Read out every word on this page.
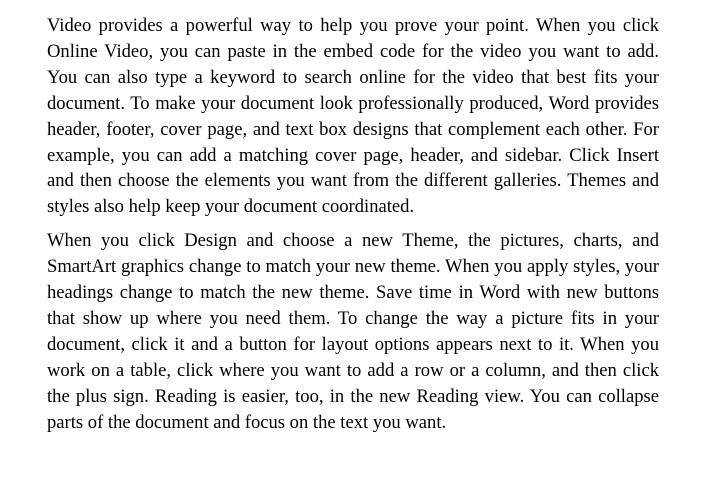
Video provides a powerful way to help you prove your point. When you click Online Video, you can paste in the embed code for the video you want to add. You can also type a keyword to search online for the video that best fits your document. To make your document look professionally produced, Word provides header, footer, cover page, and text box designs that complement each other. For example, you can add a matching cover page, header, and sidebar. Click Insert and then choose the elements you want from the different galleries. Themes and styles also help keep your document coordinated.

When you click Design and choose a new Theme, the pictures, charts, and SmartArt graphics change to match your new theme. When you apply styles, your headings change to match the new theme. Save time in Word with new buttons that show up where you need them. To change the way a picture fits in your document, click it and a button for layout options appears next to it. When you work on a table, click where you want to add a row or a column, and then click the plus sign. Reading is easier, too, in the new Reading view. You can collapse parts of the document and focus on the text you want.
